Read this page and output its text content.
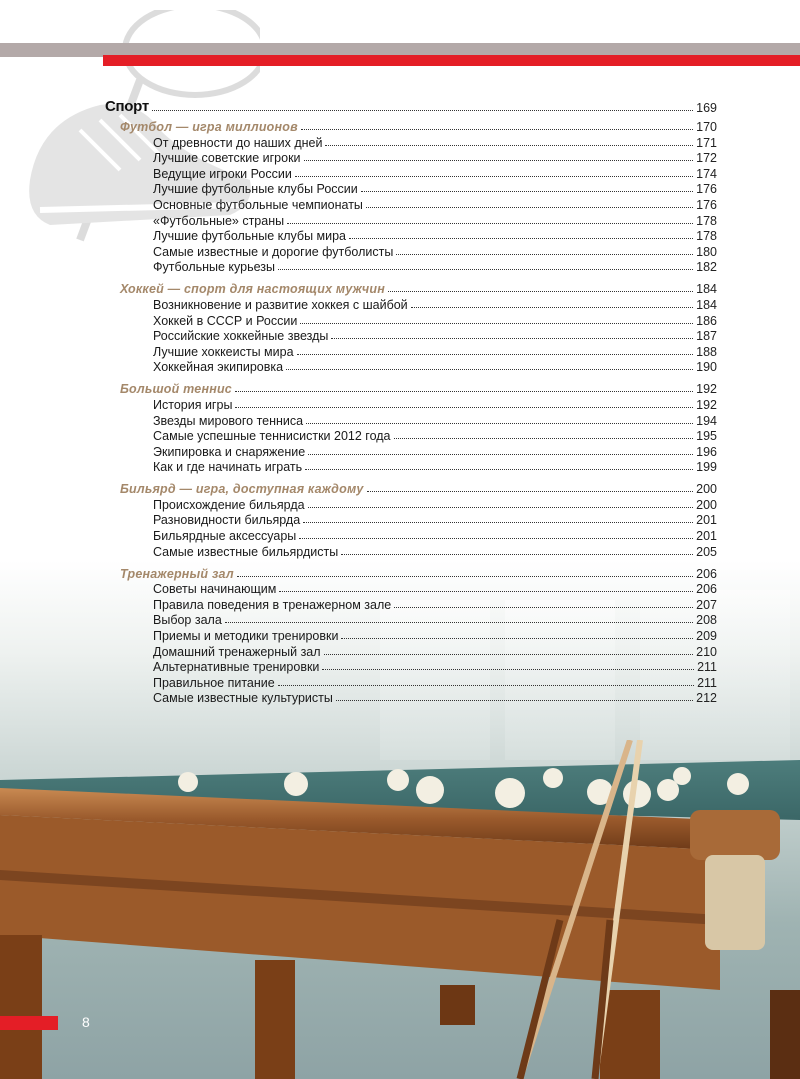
Спорт	169
Футбол — игра миллионов	170
От древности до наших дней	171
Лучшие советские игроки	172
Ведущие игроки России	174
Лучшие футбольные клубы России	176
Основные футбольные чемпионаты	176
«Футбольные» страны	178
Лучшие футбольные клубы мира	178
Самые известные и дорогие футболисты	180
Футбольные курьезы	182
Хоккей — спорт для настоящих мужчин	184
Возникновение и развитие хоккея с шайбой	184
Хоккей в СССР и России	186
Российские хоккейные звезды	187
Лучшие хоккеисты мира	188
Хоккейная экипировка	190
Большой теннис	192
История игры	192
Звезды мирового тенниса	194
Самые успешные теннисистки 2012 года	195
Экипировка и снаряжение	196
Как и где начинать играть	199
Бильярд — игра, доступная каждому	200
Происхождение бильярда	200
Разновидности бильярда	201
Бильярдные аксессуары	201
Самые известные бильярдисты	205
Тренажерный зал	206
Советы начинающим	206
Правила поведения в тренажерном зале	207
Выбор зала	208
Приемы и методики тренировки	209
Домашний тренажерный зал	210
Альтернативные тренировки	211
Правильное питание	211
Самые известные культуристы	212
8
